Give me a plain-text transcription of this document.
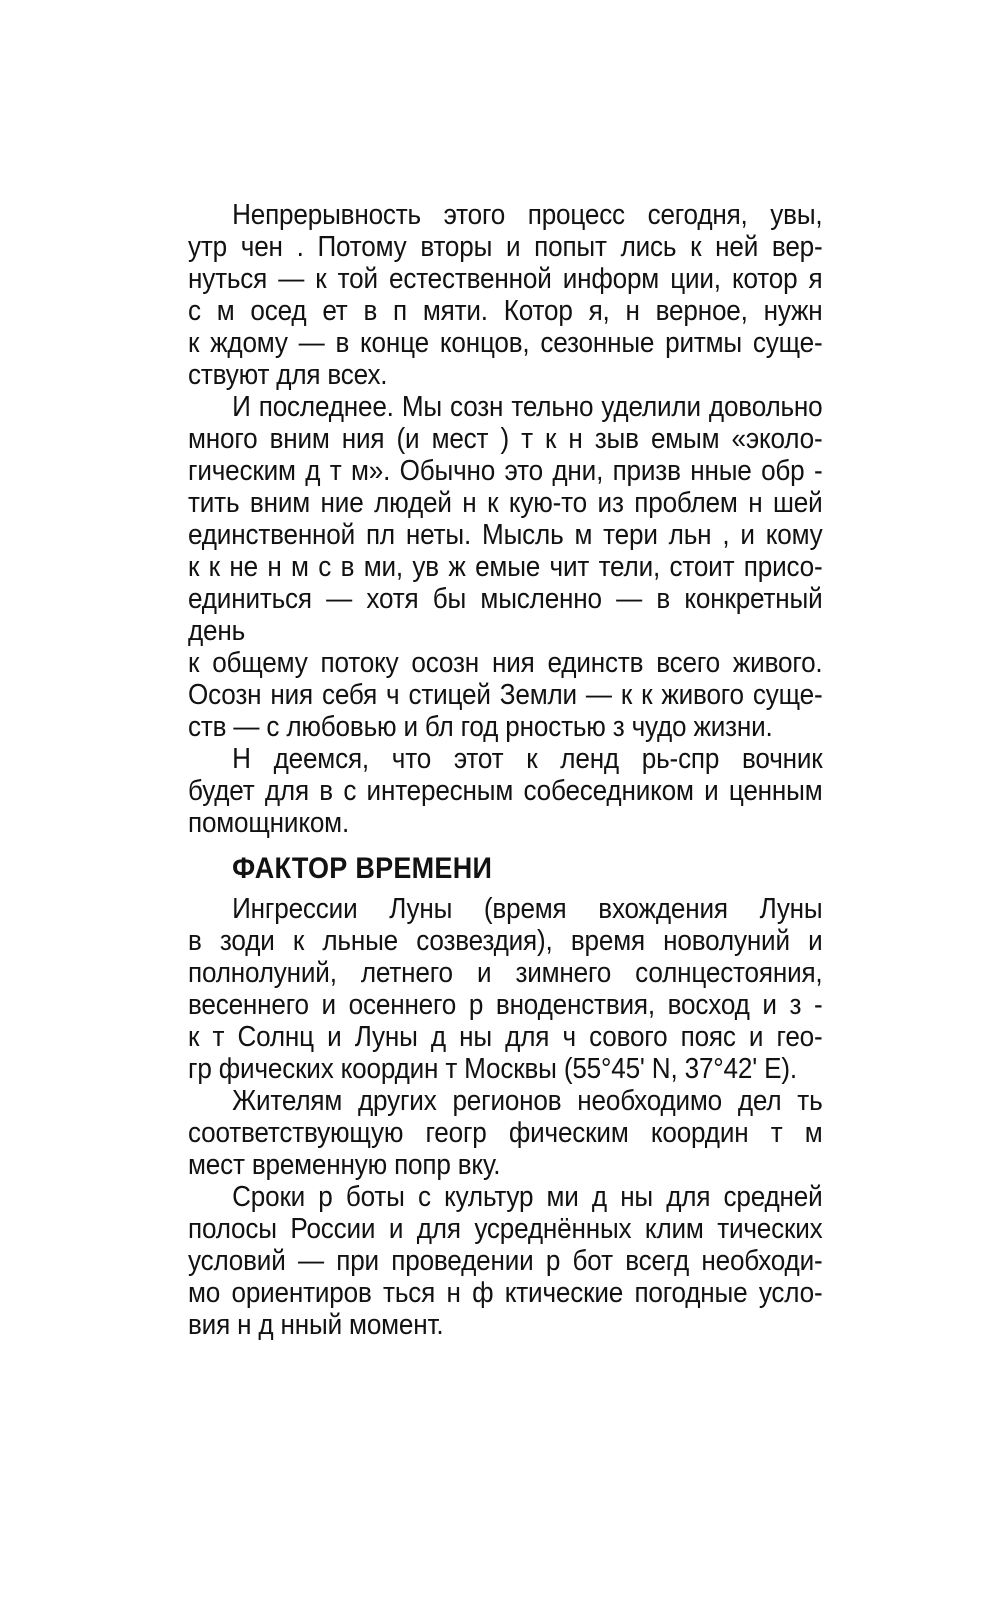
Непрерывность этого процесс сегодня, увы,
утр чен . Потому вторы и попыт лись к ней вер-
нуться — к той естественной информ ции, котор я
с м осед ет в п мяти. Котор я, н верное, нужн
к ждому — в конце концов, сезонные ритмы суще-
ствуют для всех.
И последнее. Мы созн тельно уделили довольно
много вним ния (и мест ) т к н зыв емым «эколо-
гическим д т м». Обычно это дни, призв нные обр -
тить вним ние людей н к кую-то из проблем н шей
единственной пл неты. Мысль м тери льн , и кому
к к не н м с в ми, ув ж емые чит тели, стоит присо-
единиться — хотя бы мысленно — в конкретный день
к общему потоку осозн ния единств всего живого.
Осозн ния себя ч стицей Земли — к к живого суще-
ств — с любовью и бл год рностью з чудо жизни.
Н деемся, что этот к ленд рь-спр вочник
будет для в с интересным собеседником и ценным
помощником.
ФАКТОР ВРЕМЕНИ
Ингрессии Луны (время вхождения Луны
в зоди к льные созвездия), время новолуний и
полнолуний, летнего и зимнего солнцестояния,
весеннего и осеннего р вноденствия, восход и з -
к т Солнц и Луны д ны для ч сового пояс и гео-
гр фических координ т Москвы (55°45' N, 37°42' E).
Жителям других регионов необходимо дел ть
соответствующую геогр фическим координ т м
мест временную попр вку.
Сроки р боты с культур ми д ны для средней
полосы России и для усреднённых клим тических
условий — при проведении р бот всегд необходи-
мо ориентиров ться н ф ктические погодные усло-
вия н д нный момент.
